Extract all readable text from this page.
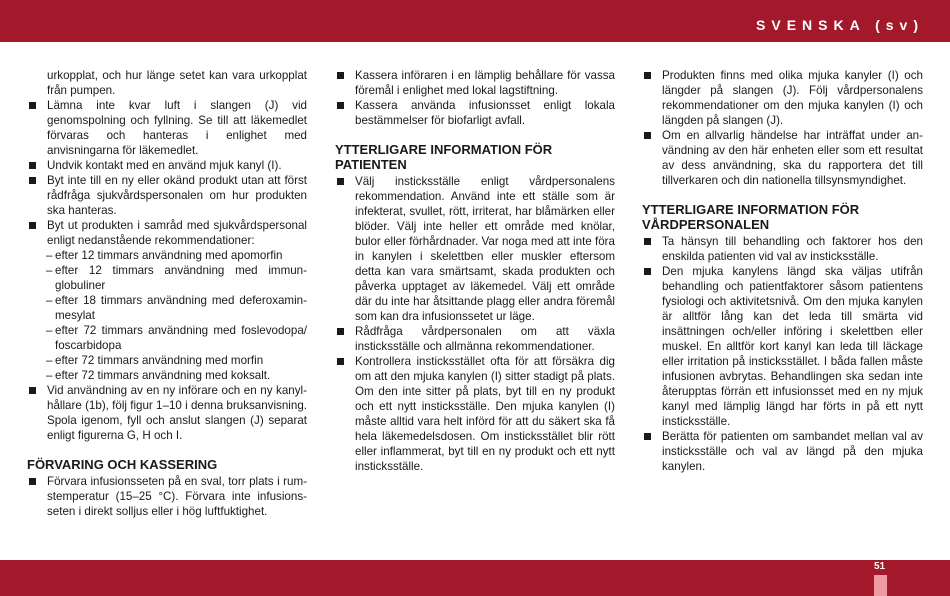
SVENSKA (sv)
urkopplat, och hur länge setet kan vara urkopplat från pumpen.
Lämna inte kvar luft i slangen (J) vid genomspolning och fyllning. Se till att läkemedlet förvaras och hanteras i enlighet med anvisningarna för läkemedlet.
Undvik kontakt med en använd mjuk kanyl (I).
Byt inte till en ny eller okänd produkt utan att först rådfråga sjukvårdspersonalen om hur produkten ska hanteras.
Byt ut produkten i samråd med sjukvårdspersonal enligt nedanstående rekommendationer:
– efter 12 timmars användning med apomorfin
– efter 12 timmars användning med immunglobuliner
– efter 18 timmars användning med deferoxaminmesylat
– efter 72 timmars användning med foslevodopa/ foscarbidopa
– efter 72 timmars användning med morfin
– efter 72 timmars användning med koksalt.
Vid användning av en ny införare och en ny kanylhållare (1b), följ figur 1–10 i denna bruksanvisning. Spola igenom, fyll och anslut slangen (J) separat enligt figurerna G, H och I.
FÖRVARING OCH KASSERING
Förvara infusionsseten på en sval, torr plats i rumstemperatur (15–25 °C). Förvara inte infusionsseten i direkt solljus eller i hög luftfuktighet.
Kassera införaren i en lämplig behållare för vassa föremål i enlighet med lokal lagstiftning.
Kassera använda infusionsset enligt lokala bestämmelser för biofarligt avfall.
YTTERLIGARE INFORMATION FÖR PATIENTEN
Välj insticksställe enligt vårdpersonalens rekommendation. Använd inte ett ställe som är infekterat, svullet, rött, irriterat, har blåmärken eller blöder. Välj inte heller ett område med knölar, bulor eller förhårdnader. Var noga med att inte föra in kanylen i skelettben eller muskler eftersom detta kan vara smärtsamt, skada produkten och påverka upptaget av läkemedel. Välj ett område där du inte har åtsittande plagg eller andra föremål som kan dra infusionssetet ur läge.
Rådfråga vårdpersonalen om att växla insticksställe och allmänna rekommendationer.
Kontrollera insticksstället ofta för att försäkra dig om att den mjuka kanylen (I) sitter stadigt på plats. Om den inte sitter på plats, byt till en ny produkt och ett nytt insticksställe. Den mjuka kanylen (I) måste alltid vara helt införd för att du säkert ska få hela läkemedelsdosen. Om insticksstället blir rött eller inflammerat, byt till en ny produkt och ett nytt insticksställe.
Produkten finns med olika mjuka kanyler (I) och längder på slangen (J). Följ vårdpersonalens rekommendationer om den mjuka kanylen (I) och längden på slangen (J).
Om en allvarlig händelse har inträffat under användning av den här enheten eller som ett resultat av dess användning, ska du rapportera det till tillverkaren och din nationella tillsynsmyndighet.
YTTERLIGARE INFORMATION FÖR VÅRDPERSONALEN
Ta hänsyn till behandling och faktorer hos den enskilda patienten vid val av insticksställe.
Den mjuka kanylens längd ska väljas utifrån behandling och patientfaktorer såsom patientens fysiologi och aktivitetsnivå. Om den mjuka kanylen är alltför lång kan det leda till smärta vid insättningen och/eller införing i skelettben eller muskel. En alltför kort kanyl kan leda till läckage eller irritation på insticksstället. I båda fallen måste infusionen avbrytas. Behandlingen ska sedan inte återupptas förrän ett infusionsset med en ny mjuk kanyl med lämplig längd har förts in på ett nytt insticksställe.
Berätta för patienten om sambandet mellan val av insticksställe och val av längd på den mjuka kanylen.
51
